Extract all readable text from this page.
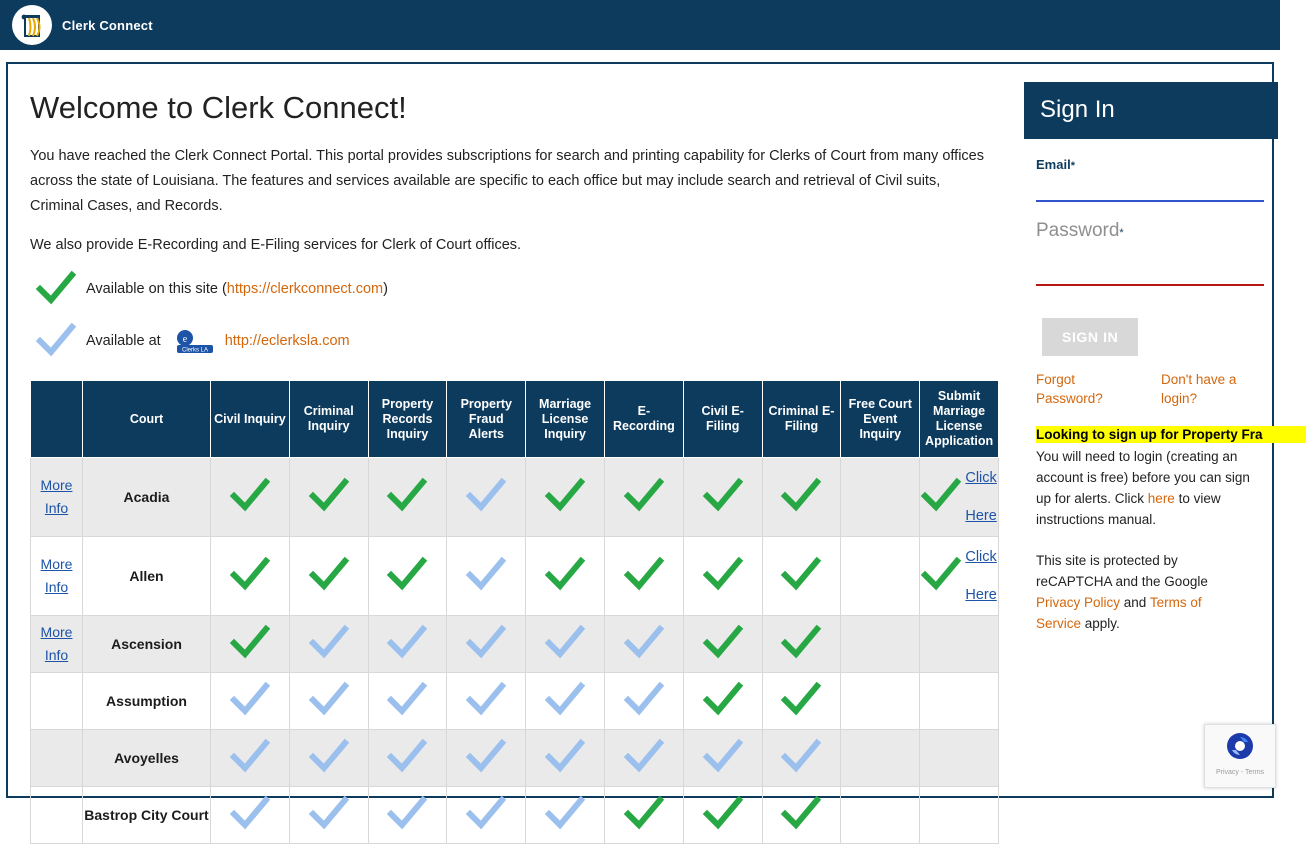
Clerk Connect
Welcome to Clerk Connect!

You have reached the Clerk Connect Portal. This portal provides subscriptions for search and printing capability for Clerks of Court from many offices across the state of Louisiana. The features and services available are specific to each office but may include search and retrieval of Civil suits, Criminal Cases, and Records.

We also provide E-Recording and E-Filing services for Clerk of Court offices.

Available on this site (https://clerkconnect.com)
Available at e
Clerks LA
http://eclerksla.com
	Court	Civil Inquiry	Criminal Inquiry	Property Records Inquiry	Property Fraud Alerts	Marriage License Inquiry	E-Recording	Civil E-Filing	Criminal E-Filing	Free Court Event Inquiry	Submit Marriage License Application

More
Info	Acadia										Click
Here

More
Info	Allen										Click
Here

More
Info	Ascension										
	Assumption										
	Avoyelles										
	Bastrop City Court										
Sign In
Email*
Password*
SIGN IN
Forgot Password?
Don't have a login?
Looking to sign up for Property Fra
You will need to login (creating an account is free) before you can sign up for alerts. Click here to view instructions manual.
This site is protected by reCAPTCHA and the Google Privacy Policy and Terms of Service apply.
Privacy - Terms
